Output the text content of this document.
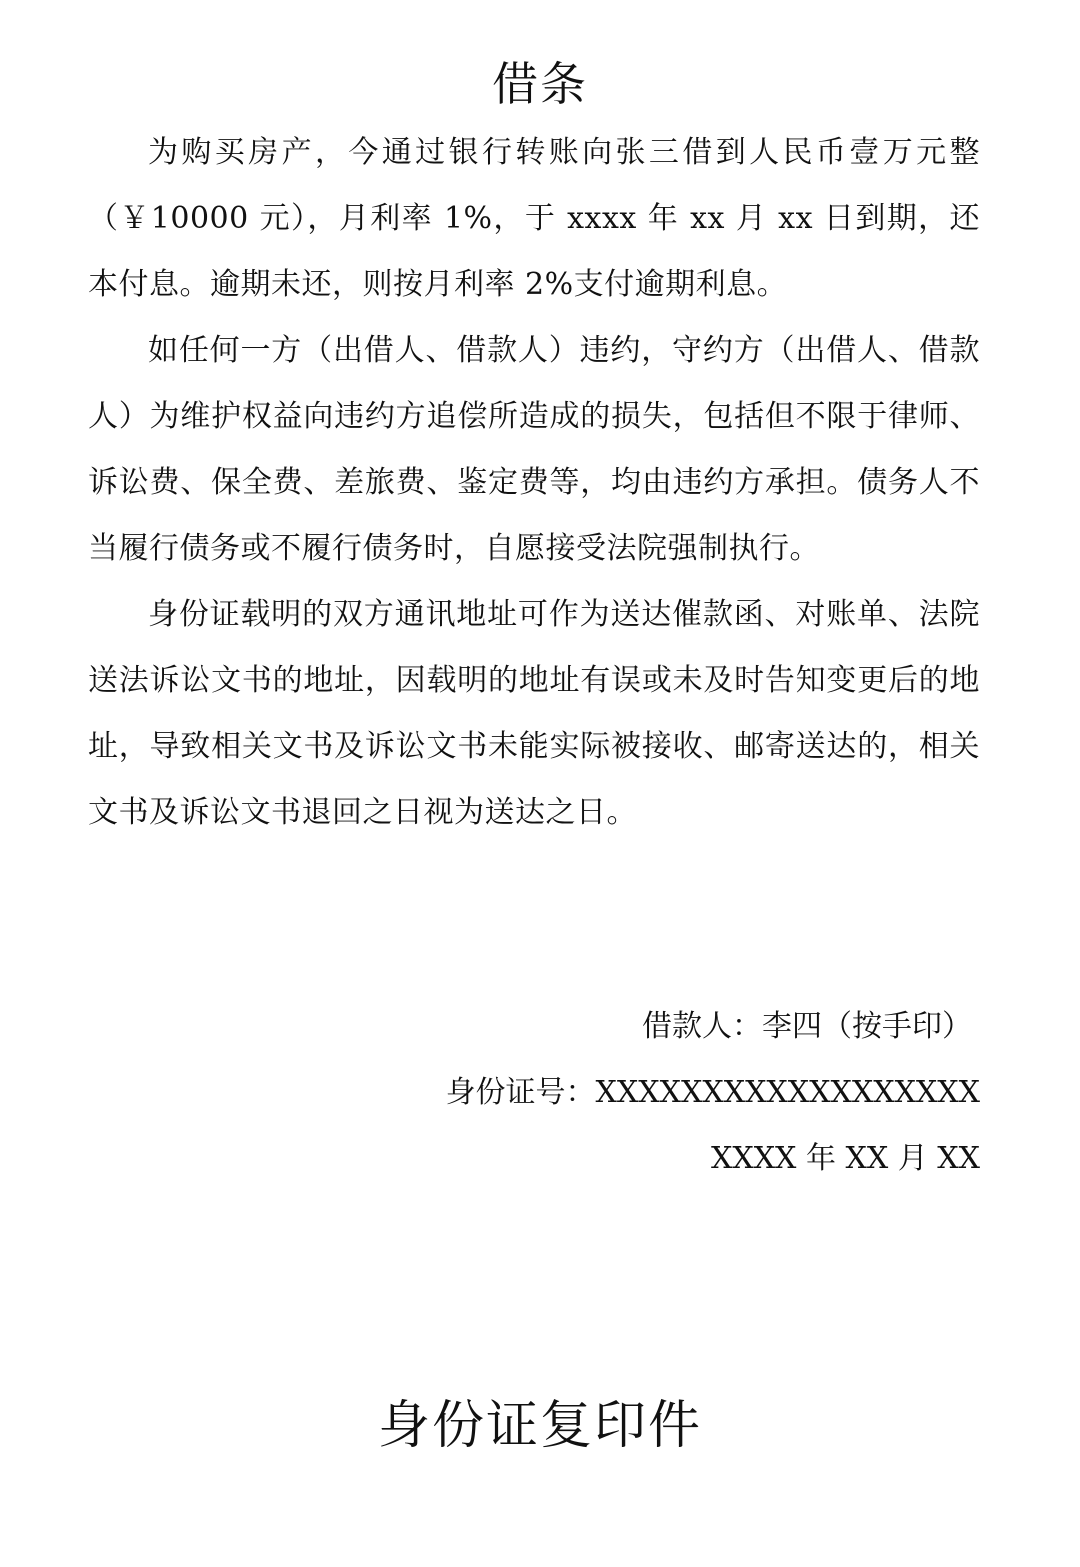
借条

为购买房产，今通过银行转账向张三借到人民币壹万元整（￥10000 元），月利率 1%，于 xxxx 年 xx 月 xx 日到期，还本付息。逾期未还，则按月利率 2%支付逾期利息。

如任何一方（出借人、借款人）违约，守约方（出借人、借款人）为维护权益向违约方追偿所造成的损失，包括但不限于律师、诉讼费、保全费、差旅费、鉴定费等，均由违约方承担。债务人不当履行债务或不履行债务时，自愿接受法院强制执行。

身份证载明的双方通讯地址可作为送达催款函、对账单、法院送法诉讼文书的地址，因载明的地址有误或未及时告知变更后的地址，导致相关文书及诉讼文书未能实际被接收、邮寄送达的，相关文书及诉讼文书退回之日视为送达之日。

借款人：李四（按手印）

身份证号：XXXXXXXXXXXXXXXXXX

XXXX 年 XX 月 XX

身份证复印件
